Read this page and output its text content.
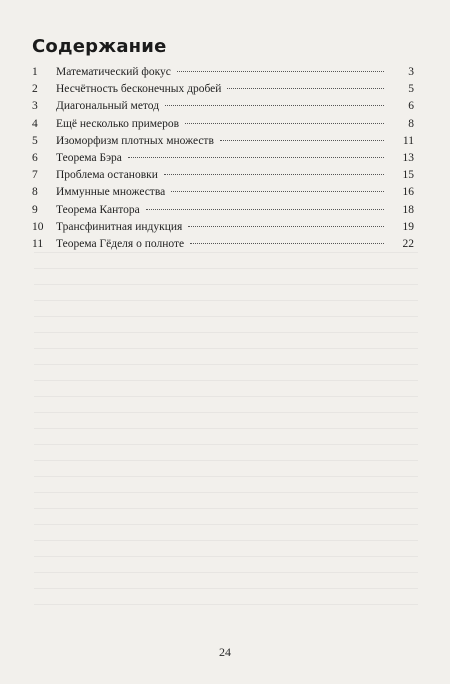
Содержание
1	Математический фокус	3
2	Несчётность бесконечных дробей	5
3	Диагональный метод	6
4	Ещё несколько примеров	8
5	Изоморфизм плотных множеств	11
6	Теорема Бэра	13
7	Проблема остановки	15
8	Иммунные множества	16
9	Теорема Кантора	18
10	Трансфинитная индукция	19
11	Теорема Гёделя о полноте	22
24
